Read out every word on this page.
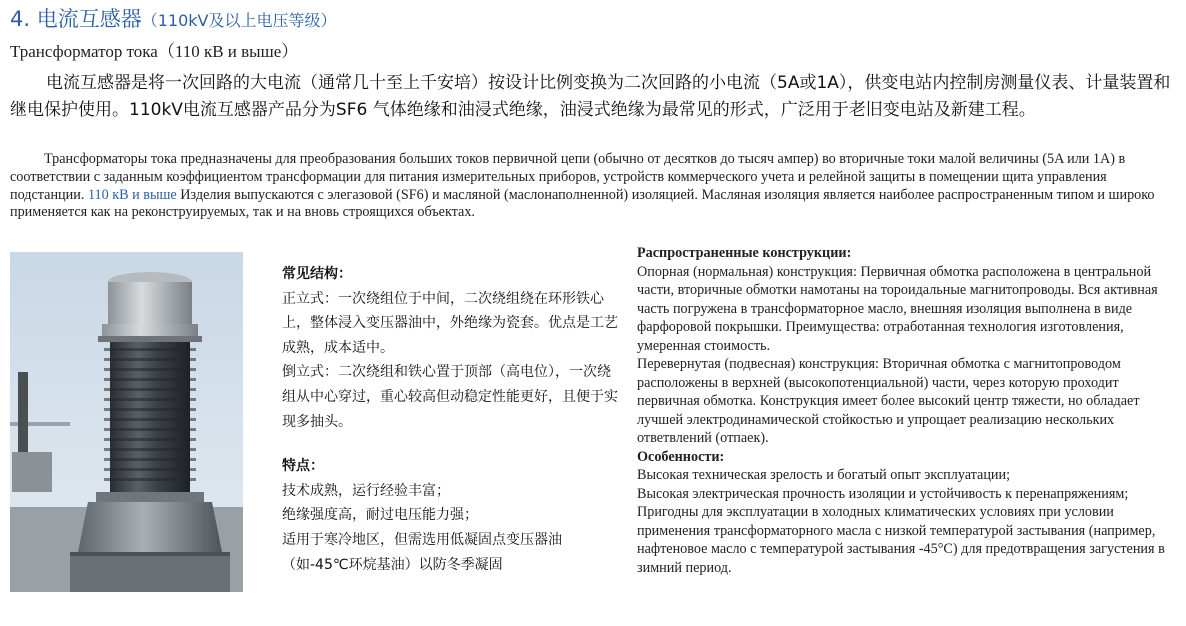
4. 电流互感器（110kV及以上电压等级）
Трансформатор тока（110 кВ и выше）
电流互感器是将一次回路的大电流（通常几十至上千安培）按设计比例变换为二次回路的小电流（5A或1A），供变电站内控制房测量仪表、计量装置和继电保护使用。110kV电流互感器产品分为SF6 气体绝缘和油浸式绝缘，油浸式绝缘为最常见的形式，广泛用于老旧变电站及新建工程。
Трансформаторы тока предназначены для преобразования больших токов первичной цепи (обычно от десятков до тысяч ампер) во вторичные токи малой величины (5A или 1A) в соответствии с заданным коэффициентом трансформации для питания измерительных приборов, устройств коммерческого учета и релейной защиты в помещении щита управления подстанции. 110 кВ и выше Изделия выпускаются с элегазовой (SF6) и масляной (маслонаполненной) изоляцией. Масляная изоляция является наиболее распространенным типом и широко применяется как на реконструируемых, так и на вновь строящихся объектах.
常见结构：
正立式：一次绕组位于中间，二次绕组绕在环形铁心上，整体浸入变压器油中，外绝缘为瓷套。优点是工艺成熟，成本适中。
倒立式：二次绕组和铁心置于顶部（高电位），一次绕组从中心穿过，重心较高但动稳定性能更好，且便于实现多抽头。
特点：
技术成熟，运行经验丰富；
绝缘强度高，耐过电压能力强；
适用于寒冷地区，但需选用低凝固点变压器油（如-45℃环烷基油）以防冬季凝固
Распространенные конструкции:
Опорная (нормальная) конструкция: Первичная обмотка расположена в центральной части, вторичные обмотки намотаны на тороидальные магнитопроводы. Вся активная часть погружена в трансформаторное масло, внешняя изоляция выполнена в виде фарфоровой покрышки. Преимущества: отработанная технология изготовления, умеренная стоимость.
Перевернутая (подвесная) конструкция: Вторичная обмотка с магнитопроводом расположены в верхней (высокопотенциальной) части, через которую проходит первичная обмотка. Конструкция имеет более высокий центр тяжести, но обладает лучшей электродинамической стойкостью и упрощает реализацию нескольких ответвлений (отпаек).
Особенности:
Высокая техническая зрелость и богатый опыт эксплуатации;
Высокая электрическая прочность изоляции и устойчивость к перенапряжениям;
Пригодны для эксплуатации в холодных климатических условиях при условии применения трансформаторного масла с низкой температурой застывания (например, нафтеновое масло с температурой застывания -45°C) для предотвращения загустения в зимний период.
